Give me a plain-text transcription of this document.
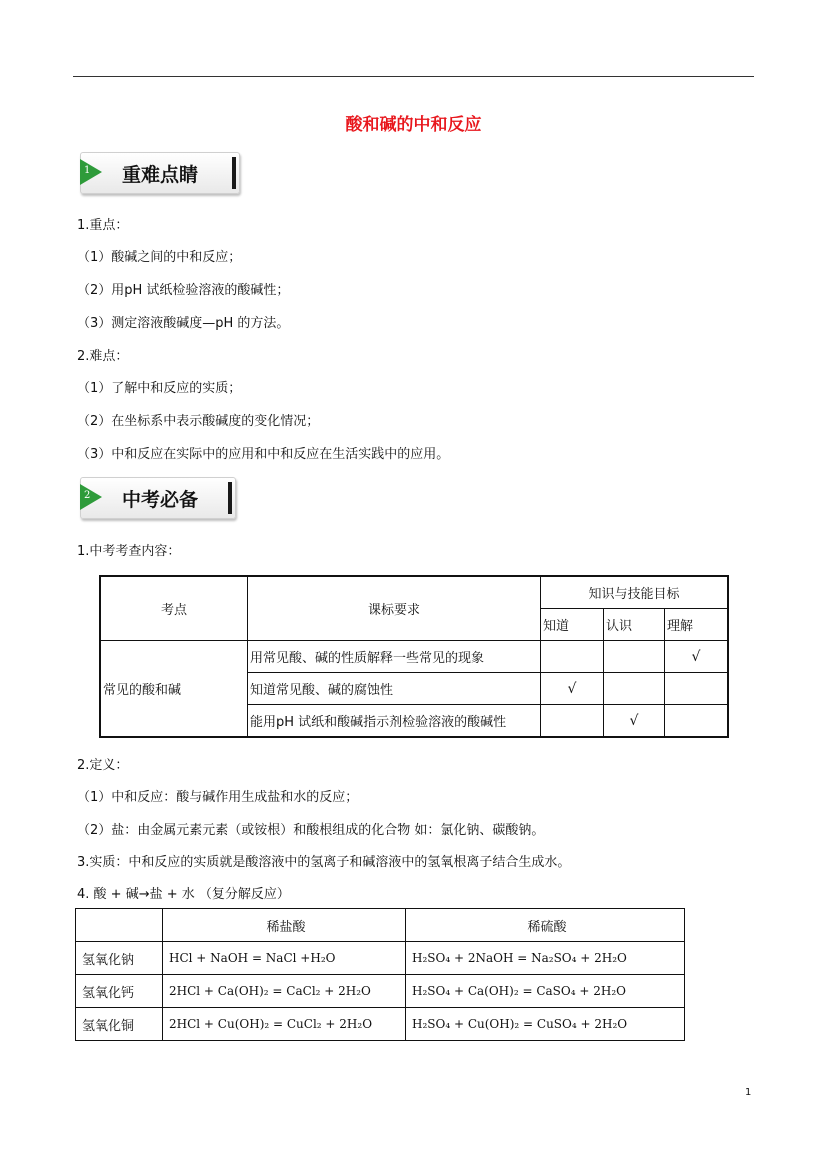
酸和碱的中和反应
1 重难点睛
1.重点：
（1）酸碱之间的中和反应；
（2）用pH 试纸检验溶液的酸碱性；
（3）测定溶液酸碱度—pH 的方法。
2.难点：
（1）了解中和反应的实质；
（2）在坐标系中表示酸碱度的变化情况；
（3）中和反应在实际中的应用和中和反应在生活实践中的应用。
2 中考必备
1.中考考查内容：
考点	课标要求	知识与技能目标		
		知道	认识	理解
常见的酸和碱	用常见酸、碱的性质解释一些常见的现象			√
	知道常见酸、碱的腐蚀性	√		
	能用pH 试纸和酸碱指示剂检验溶液的酸碱性		√	
2.定义：
（1）中和反应：酸与碱作用生成盐和水的反应；
（2）盐：由金属元素元素（或铵根）和酸根组成的化合物 如：氯化钠、碳酸钠。
3.实质：中和反应的实质就是酸溶液中的氢离子和碱溶液中的氢氧根离子结合生成水。
4. 酸 + 碱→盐 + 水 （复分解反应）
	稀盐酸	稀硫酸
氢氧化钠	HCl + NaOH = NaCl +H₂O	H₂SO₄ + 2NaOH = Na₂SO₄ + 2H₂O
氢氧化钙	2HCl + Ca(OH)₂ = CaCl₂ + 2H₂O	H₂SO₄ + Ca(OH)₂ = CaSO₄ + 2H₂O
氢氧化铜	2HCl + Cu(OH)₂ = CuCl₂ + 2H₂O	H₂SO₄ + Cu(OH)₂ = CuSO₄ + 2H₂O
1
